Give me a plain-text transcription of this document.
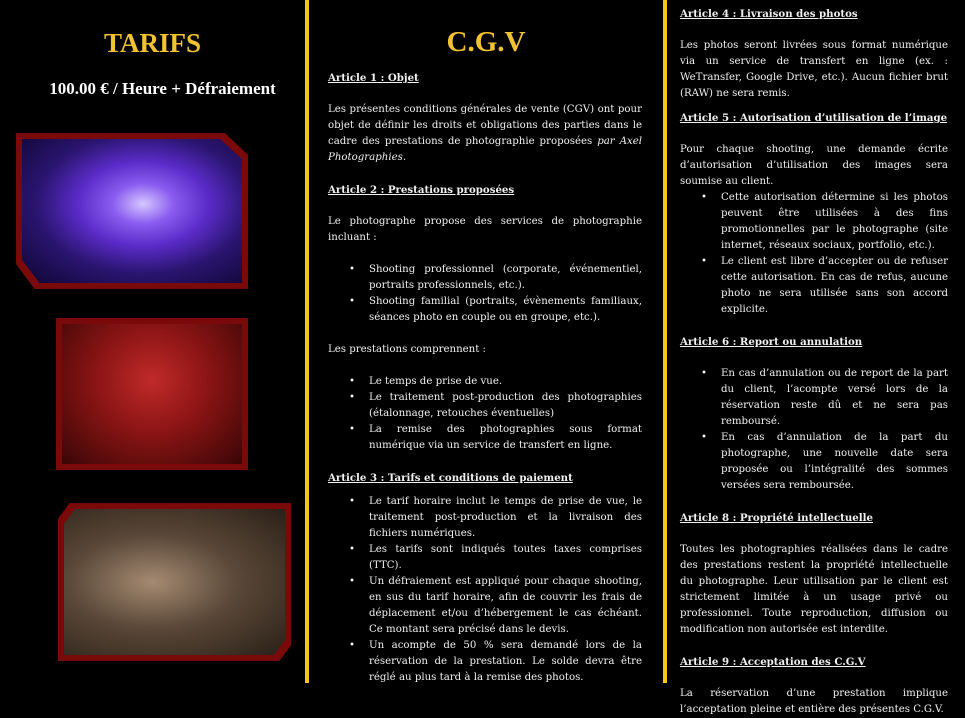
TARIFS
100.00 € / Heure + Défraiement
C.G.V
Article 1 : Objet

Les présentes conditions générales de vente (CGV) ont pour objet de définir les droits et obligations des parties dans le cadre des prestations de photographie proposées par Axel Photographies.

Article 2 : Prestations proposées

Le photographe propose des services de photographie incluant :

• Shooting professionnel (corporate, événementiel, portraits professionnels, etc.).
• Shooting familial (portraits, évènements familiaux, séances photo en couple ou en groupe, etc.).

Les prestations comprennent :

• Le temps de prise de vue.
• Le traitement post-production des photographies (étalonnage, retouches éventuelles)
• La remise des photographies sous format numérique via un service de transfert en ligne.
Article 3 : Tarifs et conditions de paiement
• Le tarif horaire inclut le temps de prise de vue, le traitement post-production et la livraison des fichiers numériques.
• Les tarifs sont indiqués toutes taxes comprises (TTC).
• Un défraiement est appliqué pour chaque shooting, en sus du tarif horaire, afin de couvrir les frais de déplacement et/ou d’hébergement le cas échéant. Ce montant sera précisé dans le devis.
• Un acompte de 50 % sera demandé lors de la réservation de la prestation. Le solde devra être réglé au plus tard à la remise des photos.
Article 4 : Livraison des photos

Les photos seront livrées sous format numérique via un service de transfert en ligne (ex. : WeTransfer, Google Drive, etc.). Aucun fichier brut (RAW) ne sera remis.

Article 5 : Autorisation d’utilisation de l’image

Pour chaque shooting, une demande écrite d’autorisation d’utilisation des images sera soumise au client.

• Cette autorisation détermine si les photos peuvent être utilisées à des fins promotionnelles par le photographe (site internet, réseaux sociaux, portfolio, etc.).
• Le client est libre d’accepter ou de refuser cette autorisation. En cas de refus, aucune photo ne sera utilisée sans son accord explicite.
Article 6 : Report ou annulation
• En cas d’annulation ou de report de la part du client, l’acompte versé lors de la réservation reste dû et ne sera pas remboursé.
• En cas d’annulation de la part du photographe, une nouvelle date sera proposée ou l’intégralité des sommes versées sera remboursée.
Article 8 : Propriété intellectuelle

Toutes les photographies réalisées dans le cadre des prestations restent la propriété intellectuelle du photographe. Leur utilisation par le client est strictement limitée à un usage privé ou professionnel. Toute reproduction, diffusion ou modification non autorisée est interdite.

Article 9 : Acceptation des C.G.V

La réservation d’une prestation implique l’acceptation pleine et entière des présentes C.G.V.
